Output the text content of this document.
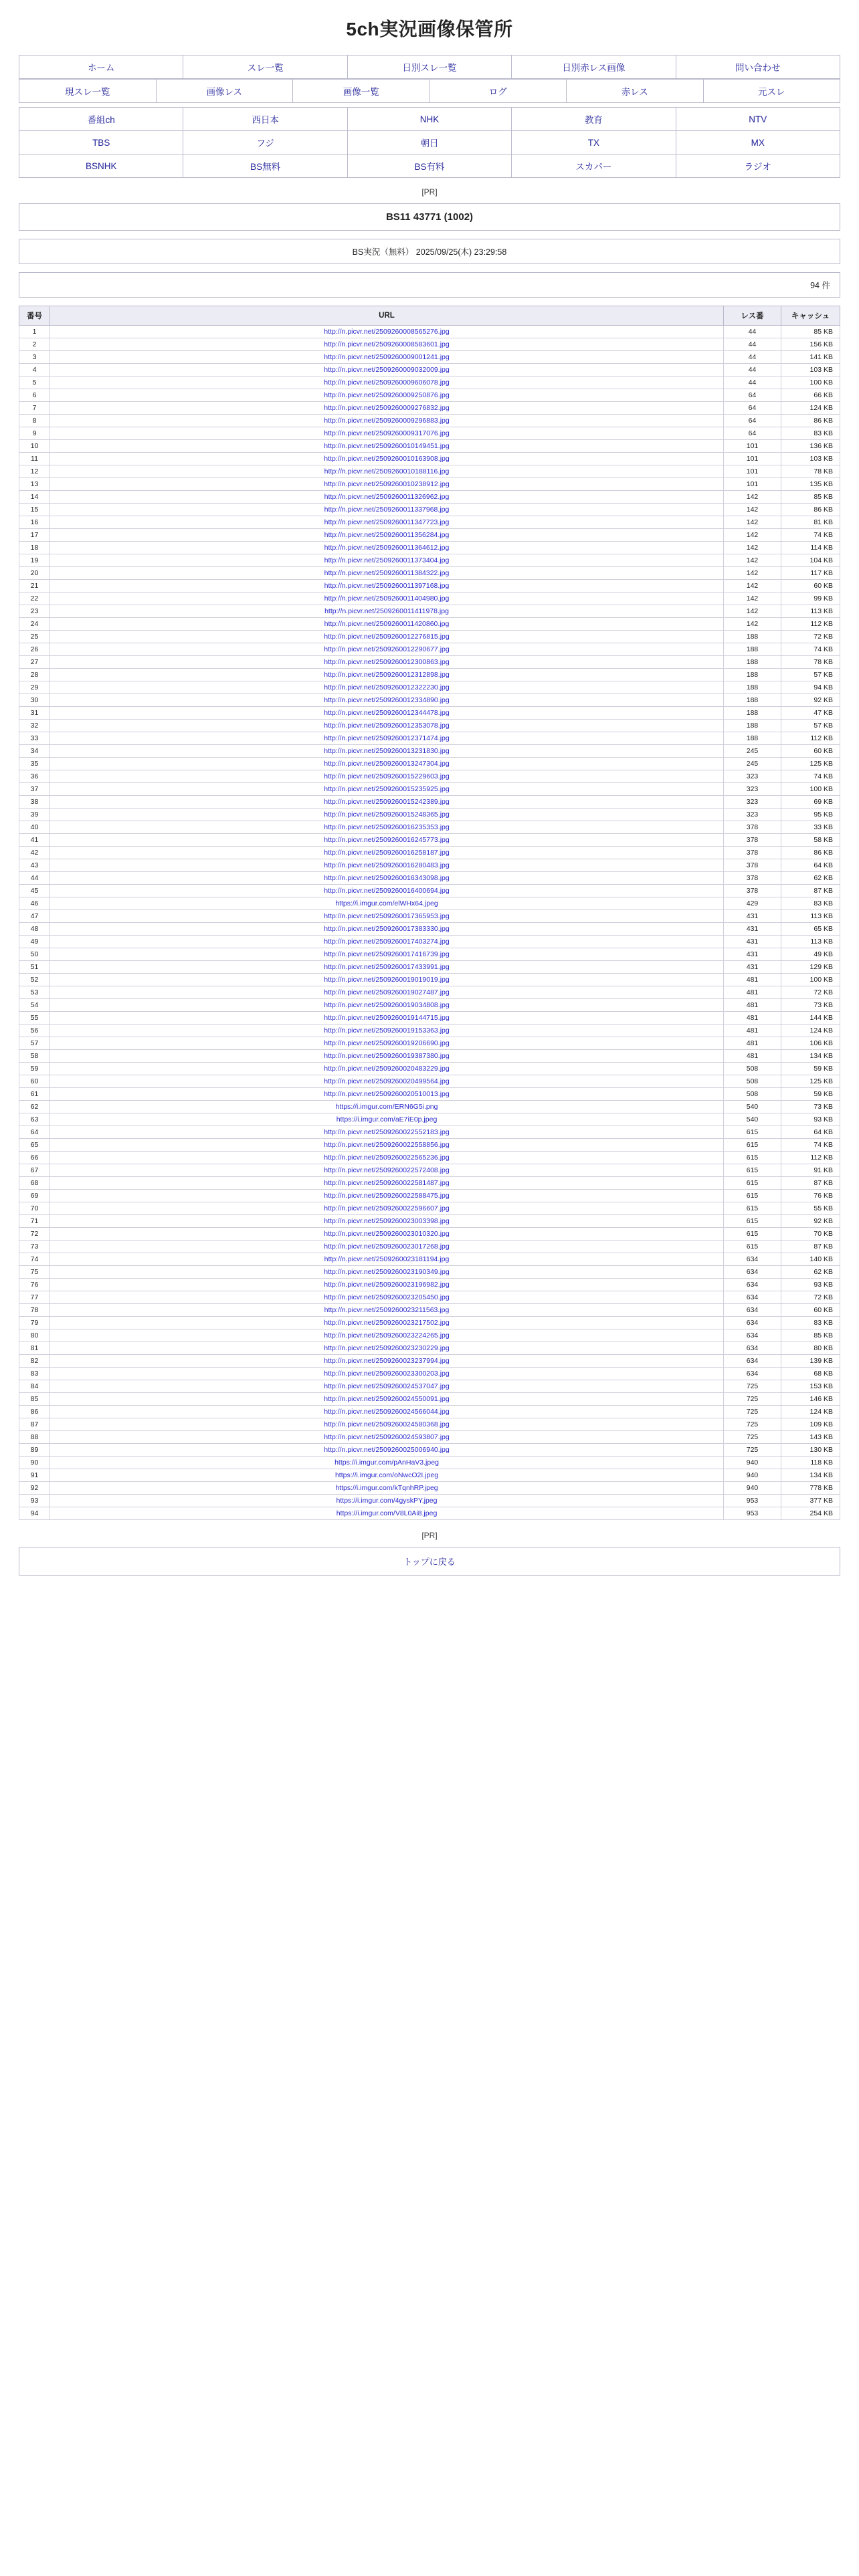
5ch実況画像保管所
ホーム	スレ一覧	日別スレ一覧	日別赤レス画像	問い合わせ
現スレ一覧	画像レス	画像一覧	ログ	赤レス	元スレ
番組ch	西日本	NHK	教育	NTV
TBS	フジ	朝日	TX	MX
BSNHK	BS無料	BS有料	スカパー	ラジオ
[PR]
BS11 43771 (1002)
BS実況（無料） 2025/09/25(木) 23:29:58
94 件
番号	URL	レス番	キャッシュ
1	http://n.picvr.net/2509260008565276.jpg	44	85 KB
2	http://n.picvr.net/2509260008583601.jpg	44	156 KB
3	http://n.picvr.net/2509260009001241.jpg	44	141 KB
4	http://n.picvr.net/2509260009032009.jpg	44	103 KB
5	http://n.picvr.net/2509260009606078.jpg	44	100 KB
6	http://n.picvr.net/2509260009250876.jpg	64	66 KB
7	http://n.picvr.net/2509260009276832.jpg	64	124 KB
8	http://n.picvr.net/2509260009296883.jpg	64	86 KB
9	http://n.picvr.net/2509260009317076.jpg	64	83 KB
10	http://n.picvr.net/2509260010149451.jpg	101	136 KB
11	http://n.picvr.net/2509260010163908.jpg	101	103 KB
12	http://n.picvr.net/2509260010188116.jpg	101	78 KB
13	http://n.picvr.net/2509260010238912.jpg	101	135 KB
14	http://n.picvr.net/2509260011326962.jpg	142	85 KB
15	http://n.picvr.net/2509260011337968.jpg	142	86 KB
16	http://n.picvr.net/2509260011347723.jpg	142	81 KB
17	http://n.picvr.net/2509260011356284.jpg	142	74 KB
18	http://n.picvr.net/2509260011364612.jpg	142	114 KB
19	http://n.picvr.net/2509260011373404.jpg	142	104 KB
20	http://n.picvr.net/2509260011384322.jpg	142	117 KB
21	http://n.picvr.net/2509260011397168.jpg	142	60 KB
22	http://n.picvr.net/2509260011404980.jpg	142	99 KB
23	http://n.picvr.net/2509260011411978.jpg	142	113 KB
24	http://n.picvr.net/2509260011420860.jpg	142	112 KB
25	http://n.picvr.net/2509260012276815.jpg	188	72 KB
26	http://n.picvr.net/2509260012290677.jpg	188	74 KB
27	http://n.picvr.net/2509260012300863.jpg	188	78 KB
28	http://n.picvr.net/2509260012312898.jpg	188	57 KB
29	http://n.picvr.net/2509260012322230.jpg	188	94 KB
30	http://n.picvr.net/2509260012334890.jpg	188	92 KB
31	http://n.picvr.net/2509260012344478.jpg	188	47 KB
32	http://n.picvr.net/2509260012353078.jpg	188	57 KB
33	http://n.picvr.net/2509260012371474.jpg	188	112 KB
34	http://n.picvr.net/2509260013231830.jpg	245	60 KB
35	http://n.picvr.net/2509260013247304.jpg	245	125 KB
36	http://n.picvr.net/2509260015229603.jpg	323	74 KB
37	http://n.picvr.net/2509260015235925.jpg	323	100 KB
38	http://n.picvr.net/2509260015242389.jpg	323	69 KB
39	http://n.picvr.net/2509260015248365.jpg	323	95 KB
40	http://n.picvr.net/2509260016235353.jpg	378	33 KB
41	http://n.picvr.net/2509260016245773.jpg	378	58 KB
42	http://n.picvr.net/2509260016258187.jpg	378	86 KB
43	http://n.picvr.net/2509260016280483.jpg	378	64 KB
44	http://n.picvr.net/2509260016343098.jpg	378	62 KB
45	http://n.picvr.net/2509260016400694.jpg	378	87 KB
46	https://i.imgur.com/elWHx64.jpeg	429	83 KB
47	http://n.picvr.net/2509260017365953.jpg	431	113 KB
48	http://n.picvr.net/2509260017383330.jpg	431	65 KB
49	http://n.picvr.net/2509260017403274.jpg	431	113 KB
50	http://n.picvr.net/2509260017416739.jpg	431	49 KB
51	http://n.picvr.net/2509260017433991.jpg	431	129 KB
52	http://n.picvr.net/2509260019019019.jpg	481	100 KB
53	http://n.picvr.net/2509260019027487.jpg	481	72 KB
54	http://n.picvr.net/2509260019034808.jpg	481	73 KB
55	http://n.picvr.net/2509260019144715.jpg	481	144 KB
56	http://n.picvr.net/2509260019153363.jpg	481	124 KB
57	http://n.picvr.net/2509260019206690.jpg	481	106 KB
58	http://n.picvr.net/2509260019387380.jpg	481	134 KB
59	http://n.picvr.net/2509260020483229.jpg	508	59 KB
60	http://n.picvr.net/2509260020499564.jpg	508	125 KB
61	http://n.picvr.net/2509260020510013.jpg	508	59 KB
62	https://i.imgur.com/ERN6G5i.png	540	73 KB
63	https://i.imgur.com/aE7iE0p.jpeg	540	93 KB
64	http://n.picvr.net/2509260022552183.jpg	615	64 KB
65	http://n.picvr.net/2509260022558856.jpg	615	74 KB
66	http://n.picvr.net/2509260022565236.jpg	615	112 KB
67	http://n.picvr.net/2509260022572408.jpg	615	91 KB
68	http://n.picvr.net/2509260022581487.jpg	615	87 KB
69	http://n.picvr.net/2509260022588475.jpg	615	76 KB
70	http://n.picvr.net/2509260022596607.jpg	615	55 KB
71	http://n.picvr.net/2509260023003398.jpg	615	92 KB
72	http://n.picvr.net/2509260023010320.jpg	615	70 KB
73	http://n.picvr.net/2509260023017268.jpg	615	87 KB
74	http://n.picvr.net/2509260023181194.jpg	634	140 KB
75	http://n.picvr.net/2509260023190349.jpg	634	62 KB
76	http://n.picvr.net/2509260023196982.jpg	634	93 KB
77	http://n.picvr.net/2509260023205450.jpg	634	72 KB
78	http://n.picvr.net/2509260023211563.jpg	634	60 KB
79	http://n.picvr.net/2509260023217502.jpg	634	83 KB
80	http://n.picvr.net/2509260023224265.jpg	634	85 KB
81	http://n.picvr.net/2509260023230229.jpg	634	80 KB
82	http://n.picvr.net/2509260023237994.jpg	634	139 KB
83	http://n.picvr.net/2509260023300203.jpg	634	68 KB
84	http://n.picvr.net/2509260024537047.jpg	725	153 KB
85	http://n.picvr.net/2509260024550091.jpg	725	146 KB
86	http://n.picvr.net/2509260024566044.jpg	725	124 KB
87	http://n.picvr.net/2509260024580368.jpg	725	109 KB
88	http://n.picvr.net/2509260024593807.jpg	725	143 KB
89	http://n.picvr.net/2509260025006940.jpg	725	130 KB
90	https://i.imgur.com/pAnHaV3.jpeg	940	118 KB
91	https://i.imgur.com/oNwcO2I.jpeg	940	134 KB
92	https://i.imgur.com/kTqnhRP.jpeg	940	778 KB
93	https://i.imgur.com/4gyskPY.jpeg	953	377 KB
94	https://i.imgur.com/V8L0Ai8.jpeg	953	254 KB
[PR]
トップに戻る
